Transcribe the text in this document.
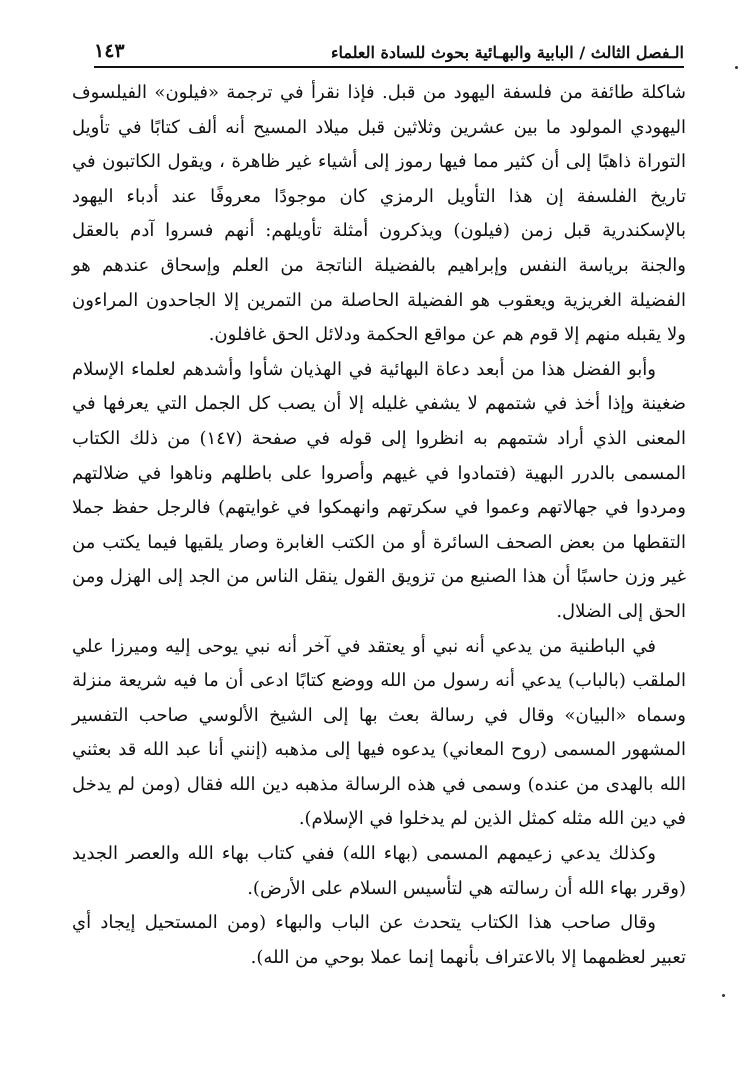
الـفصل الثالث / البابية والبهـائية بحوث للسادة العلماء
١٤٣

شاكلة طائفة من فلسفة اليهود من قبل. فإذا نقرأ في ترجمة «فيلون» الفيلسوف اليهودي المولود ما بين عشرين وثلاثين قبل ميلاد المسيح أنه ألف كتابًا في تأويل التوراة ذاهبًا إلى أن كثير مما فيها رموز إلى أشياء غير ظاهرة ، ويقول الكاتبون في تاريخ الفلسفة إن هذا التأويل الرمزي كان موجودًا معروفًا عند أدباء اليهود بالإسكندرية قبل زمن (فيلون) ويذكرون أمثلة تأويلهم: أنهم فسروا آدم بالعقل والجنة برياسة النفس وإبراهيم بالفضيلة الناتجة من العلم وإسحاق عندهم هو الفضيلة الغريزية ويعقوب هو الفضيلة الحاصلة من التمرين إلا الجاحدون المراءون ولا يقبله منهم إلا قوم هم عن مواقع الحكمة ودلائل الحق غافلون.

وأبو الفضل هذا من أبعد دعاة البهائية في الهذيان شأوا وأشدهم لعلماء الإسلام ضغينة وإذا أخذ في شتمهم لا يشفي غليله إلا أن يصب كل الجمل التي يعرفها في المعنى الذي أراد شتمهم به انظروا إلى قوله في صفحة (١٤٧) من ذلك الكتاب المسمى بالدرر البهية (فتمادوا في غيهم وأصروا على باطلهم وناهوا في ضلالتهم ومردوا في جهالاتهم وعموا في سكرتهم وانهمكوا في غوايتهم) فالرجل حفظ جملا التقطها من بعض الصحف السائرة أو من الكتب الغابرة وصار يلقيها فيما يكتب من غير وزن حاسبًا أن هذا الصنيع من تزويق القول ينقل الناس من الجد إلى الهزل ومن الحق إلى الضلال.

في الباطنية من يدعي أنه نبي أو يعتقد في آخر أنه نبي يوحى إليه وميرزا علي الملقب (بالباب) يدعي أنه رسول من الله ووضع كتابًا ادعى أن ما فيه شريعة منزلة وسماه «البيان» وقال في رسالة بعث بها إلى الشيخ الألوسي صاحب التفسير المشهور المسمى (روح المعاني) يدعوه فيها إلى مذهبه (إنني أنا عبد الله قد بعثني الله بالهدى من عنده) وسمى في هذه الرسالة مذهبه دين الله فقال (ومن لم يدخل في دين الله مثله كمثل الذين لم يدخلوا في الإسلام).

وكذلك يدعي زعيمهم المسمى (بهاء الله) ففي كتاب بهاء الله والعصر الجديد (وقرر بهاء الله أن رسالته هي لتأسيس السلام على الأرض).

وقال صاحب هذا الكتاب يتحدث عن الباب والبهاء (ومن المستحيل إيجاد أي تعبير لعظمهما إلا بالاعتراف بأنهما إنما عملا بوحي من الله).
